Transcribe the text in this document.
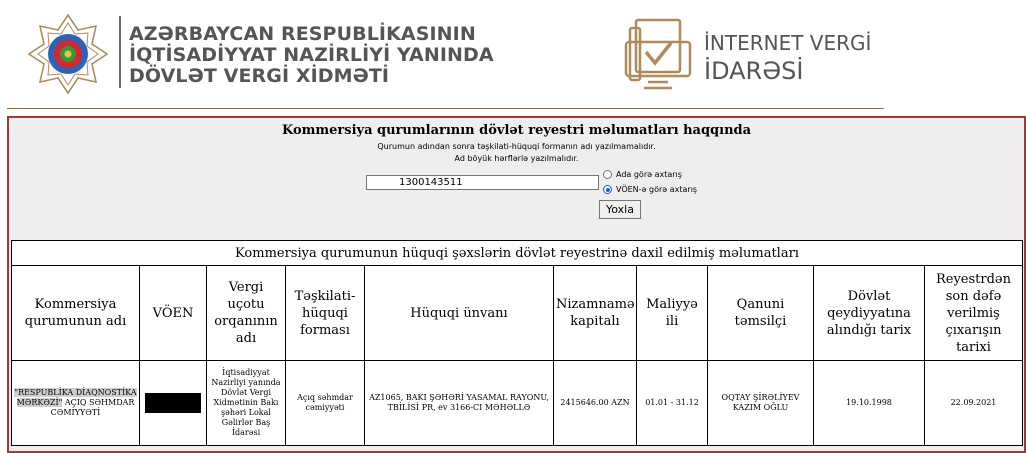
AZƏRBAYCAN RESPUBLİKASININ
İQTİSADİYYAT NAZİRLİYİ YANINDA
DÖVLƏT VERGİ XİDMƏTİ
İNTERNET VERGİ
İDARƏSİ
Kommersiya qurumlarının dövlət reyestri məlumatları haqqında
Qurumun adından sonra təşkilati-hüquqi formanın adı yazılmamalıdır.
Ad böyük hərflərlə yazılmalıdır.
1300143511
Ada görə axtarış
VÖEN-ə görə axtarış
Yoxla
Kommersiya qurumunun hüquqi şəxslərin dövlət reyestrinə daxil edilmiş məlumatları									
Kommersiya qurumunun adı	VÖEN	Vergi uçotu orqanının adı	Təşkilati-hüquqi forması	Hüquqi ünvanı	Nizamnamə kapitalı	Maliyyə ili	Qanuni təmsilçi	Dövlət qeydiyyatına alındığı tarix	Reyestrdən son dəfə verilmiş çıxarışın tarixi
"RESPUBLİKA DİAQNOSTİKA MƏRKƏZİ" AÇIQ SƏHMDAR CƏMİYYƏTİ		İqtisadiyyat Nazirliyi yanında Dövlət Vergi Xidmətinin Bakı şəhəri Lokal Gəlirlər Baş İdarəsi	Açıq səhmdar cəmiyyəti	AZ1065, BAKI ŞƏHƏRİ YASAMAL RAYONU, TBİLİSİ PR, ev 3166-CI MƏHƏLLƏ	2415646.00 AZN	01.01 - 31.12	OQTAY ŞİRƏLİYEV KAZIM OĞLU	19.10.1998	22.09.2021
